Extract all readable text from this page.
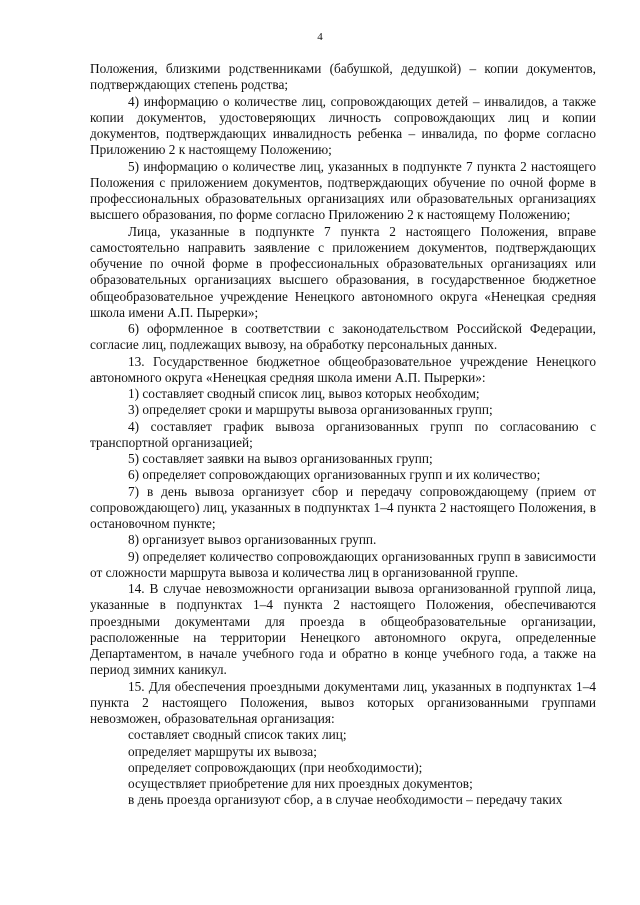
4

Положения, близкими родственниками (бабушкой, дедушкой) – копии документов, подтверждающих степень родства;

4) информацию о количестве лиц, сопровождающих детей – инвалидов, а также копии документов, удостоверяющих личность сопровождающих лиц и копии документов, подтверждающих инвалидность ребенка – инвалида, по форме согласно Приложению 2 к настоящему Положению;

5) информацию о количестве лиц, указанных в подпункте 7 пункта 2 настоящего Положения с приложением документов, подтверждающих обучение по очной форме в профессиональных образовательных организациях или образовательных организациях высшего образования, по форме согласно Приложению 2 к настоящему Положению;

Лица, указанные в подпункте 7 пункта 2 настоящего Положения, вправе самостоятельно направить заявление с приложением документов, подтверждающих обучение по очной форме в профессиональных образовательных организациях или образовательных организациях высшего образования, в государственное бюджетное общеобразовательное учреждение Ненецкого автономного округа «Ненецкая средняя школа имени А.П. Пырерки»;

6) оформленное в соответствии с законодательством Российской Федерации, согласие лиц, подлежащих вывозу, на обработку персональных данных.

13. Государственное бюджетное общеобразовательное учреждение Ненецкого автономного округа «Ненецкая средняя школа имени А.П. Пырерки»:

1) составляет сводный список лиц, вывоз которых необходим;

3) определяет сроки и маршруты вывоза организованных групп;

4) составляет график вывоза организованных групп по согласованию с транспортной организацией;

5) составляет заявки на вывоз организованных групп;

6) определяет сопровождающих организованных групп и их количество;

7) в день вывоза организует сбор и передачу сопровождающему (прием от сопровождающего) лиц, указанных в подпунктах 1–4 пункта 2 настоящего Положения, в остановочном пункте;

8) организует вывоз организованных групп.

9) определяет количество сопровождающих организованных групп в зависимости от сложности маршрута вывоза и количества лиц в организованной группе.

14. В случае невозможности организации вывоза организованной группой лица, указанные в подпунктах 1–4 пункта 2 настоящего Положения, обеспечиваются проездными документами для проезда в общеобразовательные организации, расположенные на территории Ненецкого автономного округа, определенные Департаментом, в начале учебного года и обратно в конце учебного года, а также на период зимних каникул.

15. Для обеспечения проездными документами лиц, указанных в подпунктах 1–4 пункта 2 настоящего Положения, вывоз которых организованными группами невозможен, образовательная организация:

составляет сводный список таких лиц;

определяет маршруты их вывоза;

определяет сопровождающих (при необходимости);

осуществляет приобретение для них проездных документов;

в день проезда организуют сбор, а в случае необходимости – передачу таких
